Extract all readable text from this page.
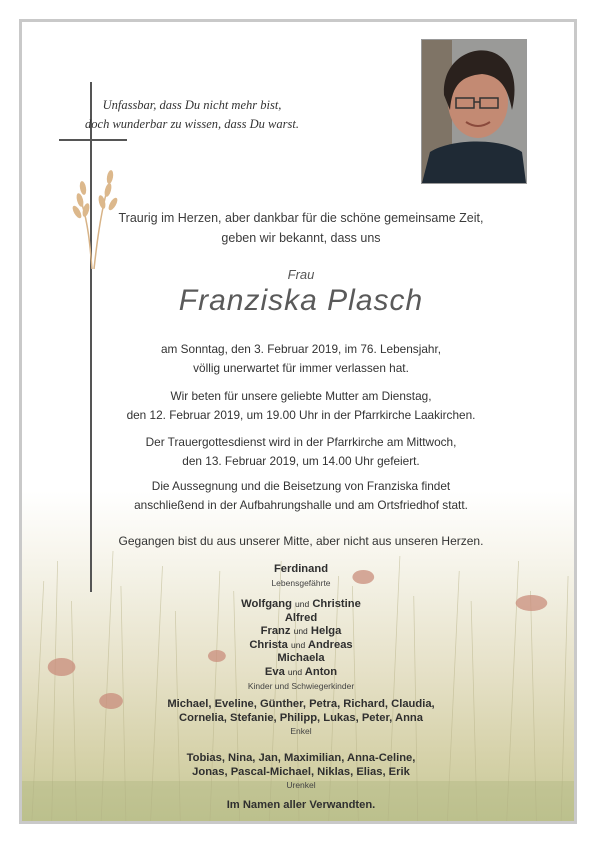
Unfassbar, dass Du nicht mehr bist,
doch wunderbar zu wissen, dass Du warst.
Traurig im Herzen, aber dankbar für die schöne gemeinsame Zeit,
geben wir bekannt, dass uns
Frau
Franziska Plasch
am Sonntag, den 3. Februar 2019, im 76. Lebensjahr,
völlig unerwartet für immer verlassen hat.
Wir beten für unsere geliebte Mutter am Dienstag,
den 12. Februar 2019, um 19.00 Uhr in der Pfarrkirche Laakirchen.
Der Trauergottesdienst wird in der Pfarrkirche am Mittwoch,
den 13. Februar 2019, um 14.00 Uhr gefeiert.
Die Aussegnung und die Beisetzung von Franziska findet
anschließend in der Aufbahrungshalle und am Ortsfriedhof statt.
Gegangen bist du aus unserer Mitte, aber nicht aus unseren Herzen.
Ferdinand
Lebensgefährte
Wolfgang und Christine
Alfred
Franz und Helga
Christa und Andreas
Michaela
Eva und Anton
Kinder und Schwiegerkinder
Michael, Eveline, Günther, Petra, Richard, Claudia,
Cornelia, Stefanie, Philipp, Lukas, Peter, Anna
Enkel
Tobias, Nina, Jan, Maximilian, Anna-Celine,
Jonas, Pascal-Michael, Niklas, Elias, Erik
Urenkel
Im Namen aller Verwandten.
